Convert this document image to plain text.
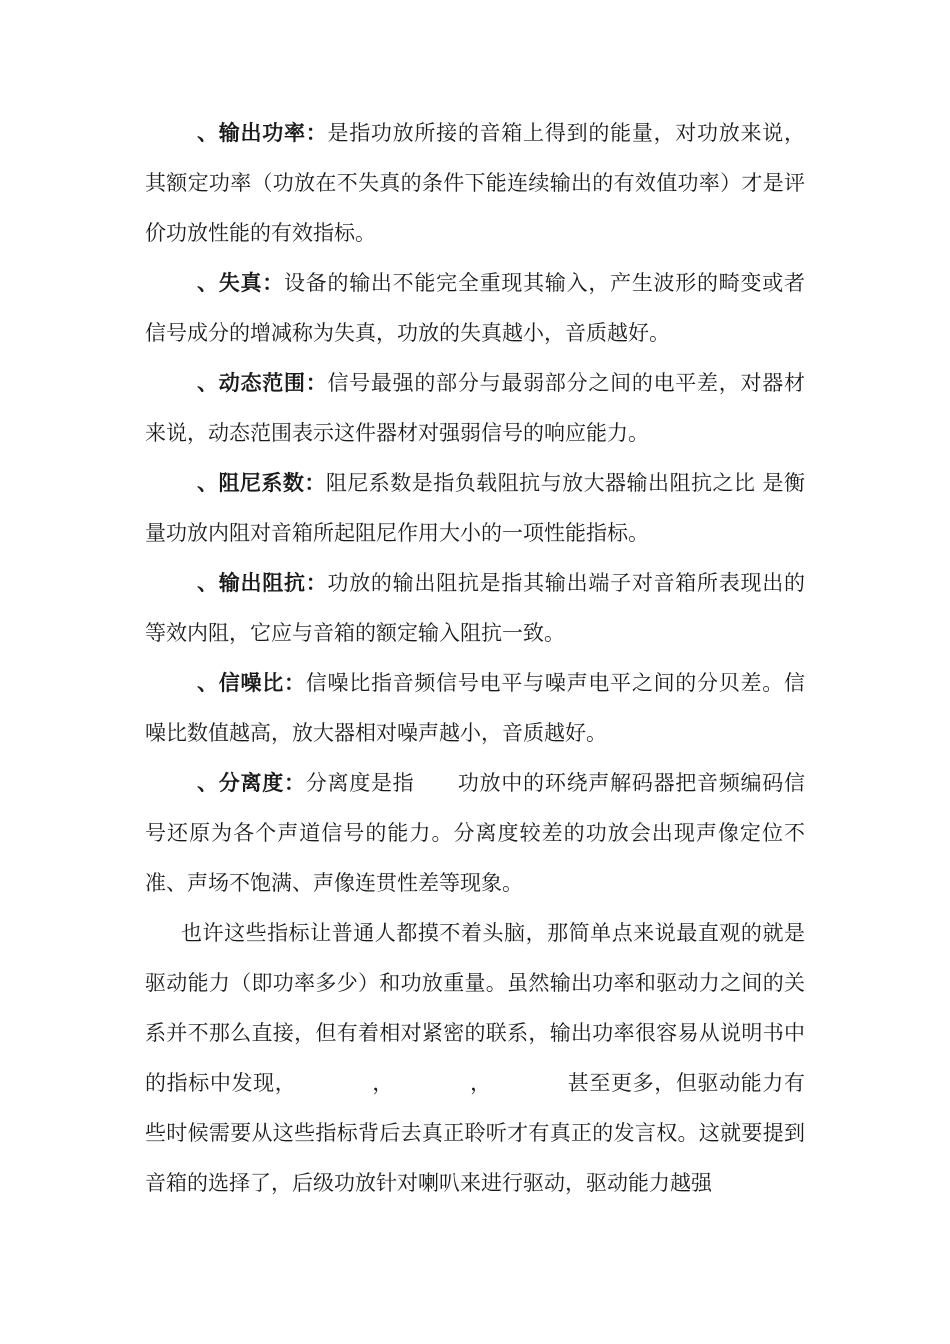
、输出功率：是指功放所接的音箱上得到的能量，对功放来说，其额定功率（功放在不失真的条件下能连续输出的有效值功率）才是评价功放性能的有效指标。

、失真：设备的输出不能完全重现其输入，产生波形的畸变或者信号成分的增减称为失真，功放的失真越小，音质越好。

、动态范围：信号最强的部分与最弱部分之间的电平差，对器材来说，动态范围表示这件器材对强弱信号的响应能力。

、阻尼系数：阻尼系数是指负载阻抗与放大器输出阻抗之比 是衡量功放内阻对音箱所起阻尼作用大小的一项性能指标。

、输出阻抗：功放的输出阻抗是指其输出端子对音箱所表现出的等效内阻，它应与音箱的额定输入阻抗一致。

、信噪比：信噪比指音频信号电平与噪声电平之间的分贝差。信噪比数值越高，放大器相对噪声越小，音质越好。

、分离度：分离度是指　　功放中的环绕声解码器把音频编码信号还原为各个声道信号的能力。分离度较差的功放会出现声像定位不准、声场不饱满、声像连贯性差等现象。

也许这些指标让普通人都摸不着头脑，那简单点来说最直观的就是驱动能力（即功率多少）和功放重量。虽然输出功率和驱动力之间的关系并不那么直接，但有着相对紧密的联系，输出功率很容易从说明书中的指标中发现，　　　　，　　　　，　　　　甚至更多，但驱动能力有些时候需要从这些指标背后去真正聆听才有真正的发言权。这就要提到音箱的选择了，后级功放针对喇叭来进行驱动，驱动能力越强
